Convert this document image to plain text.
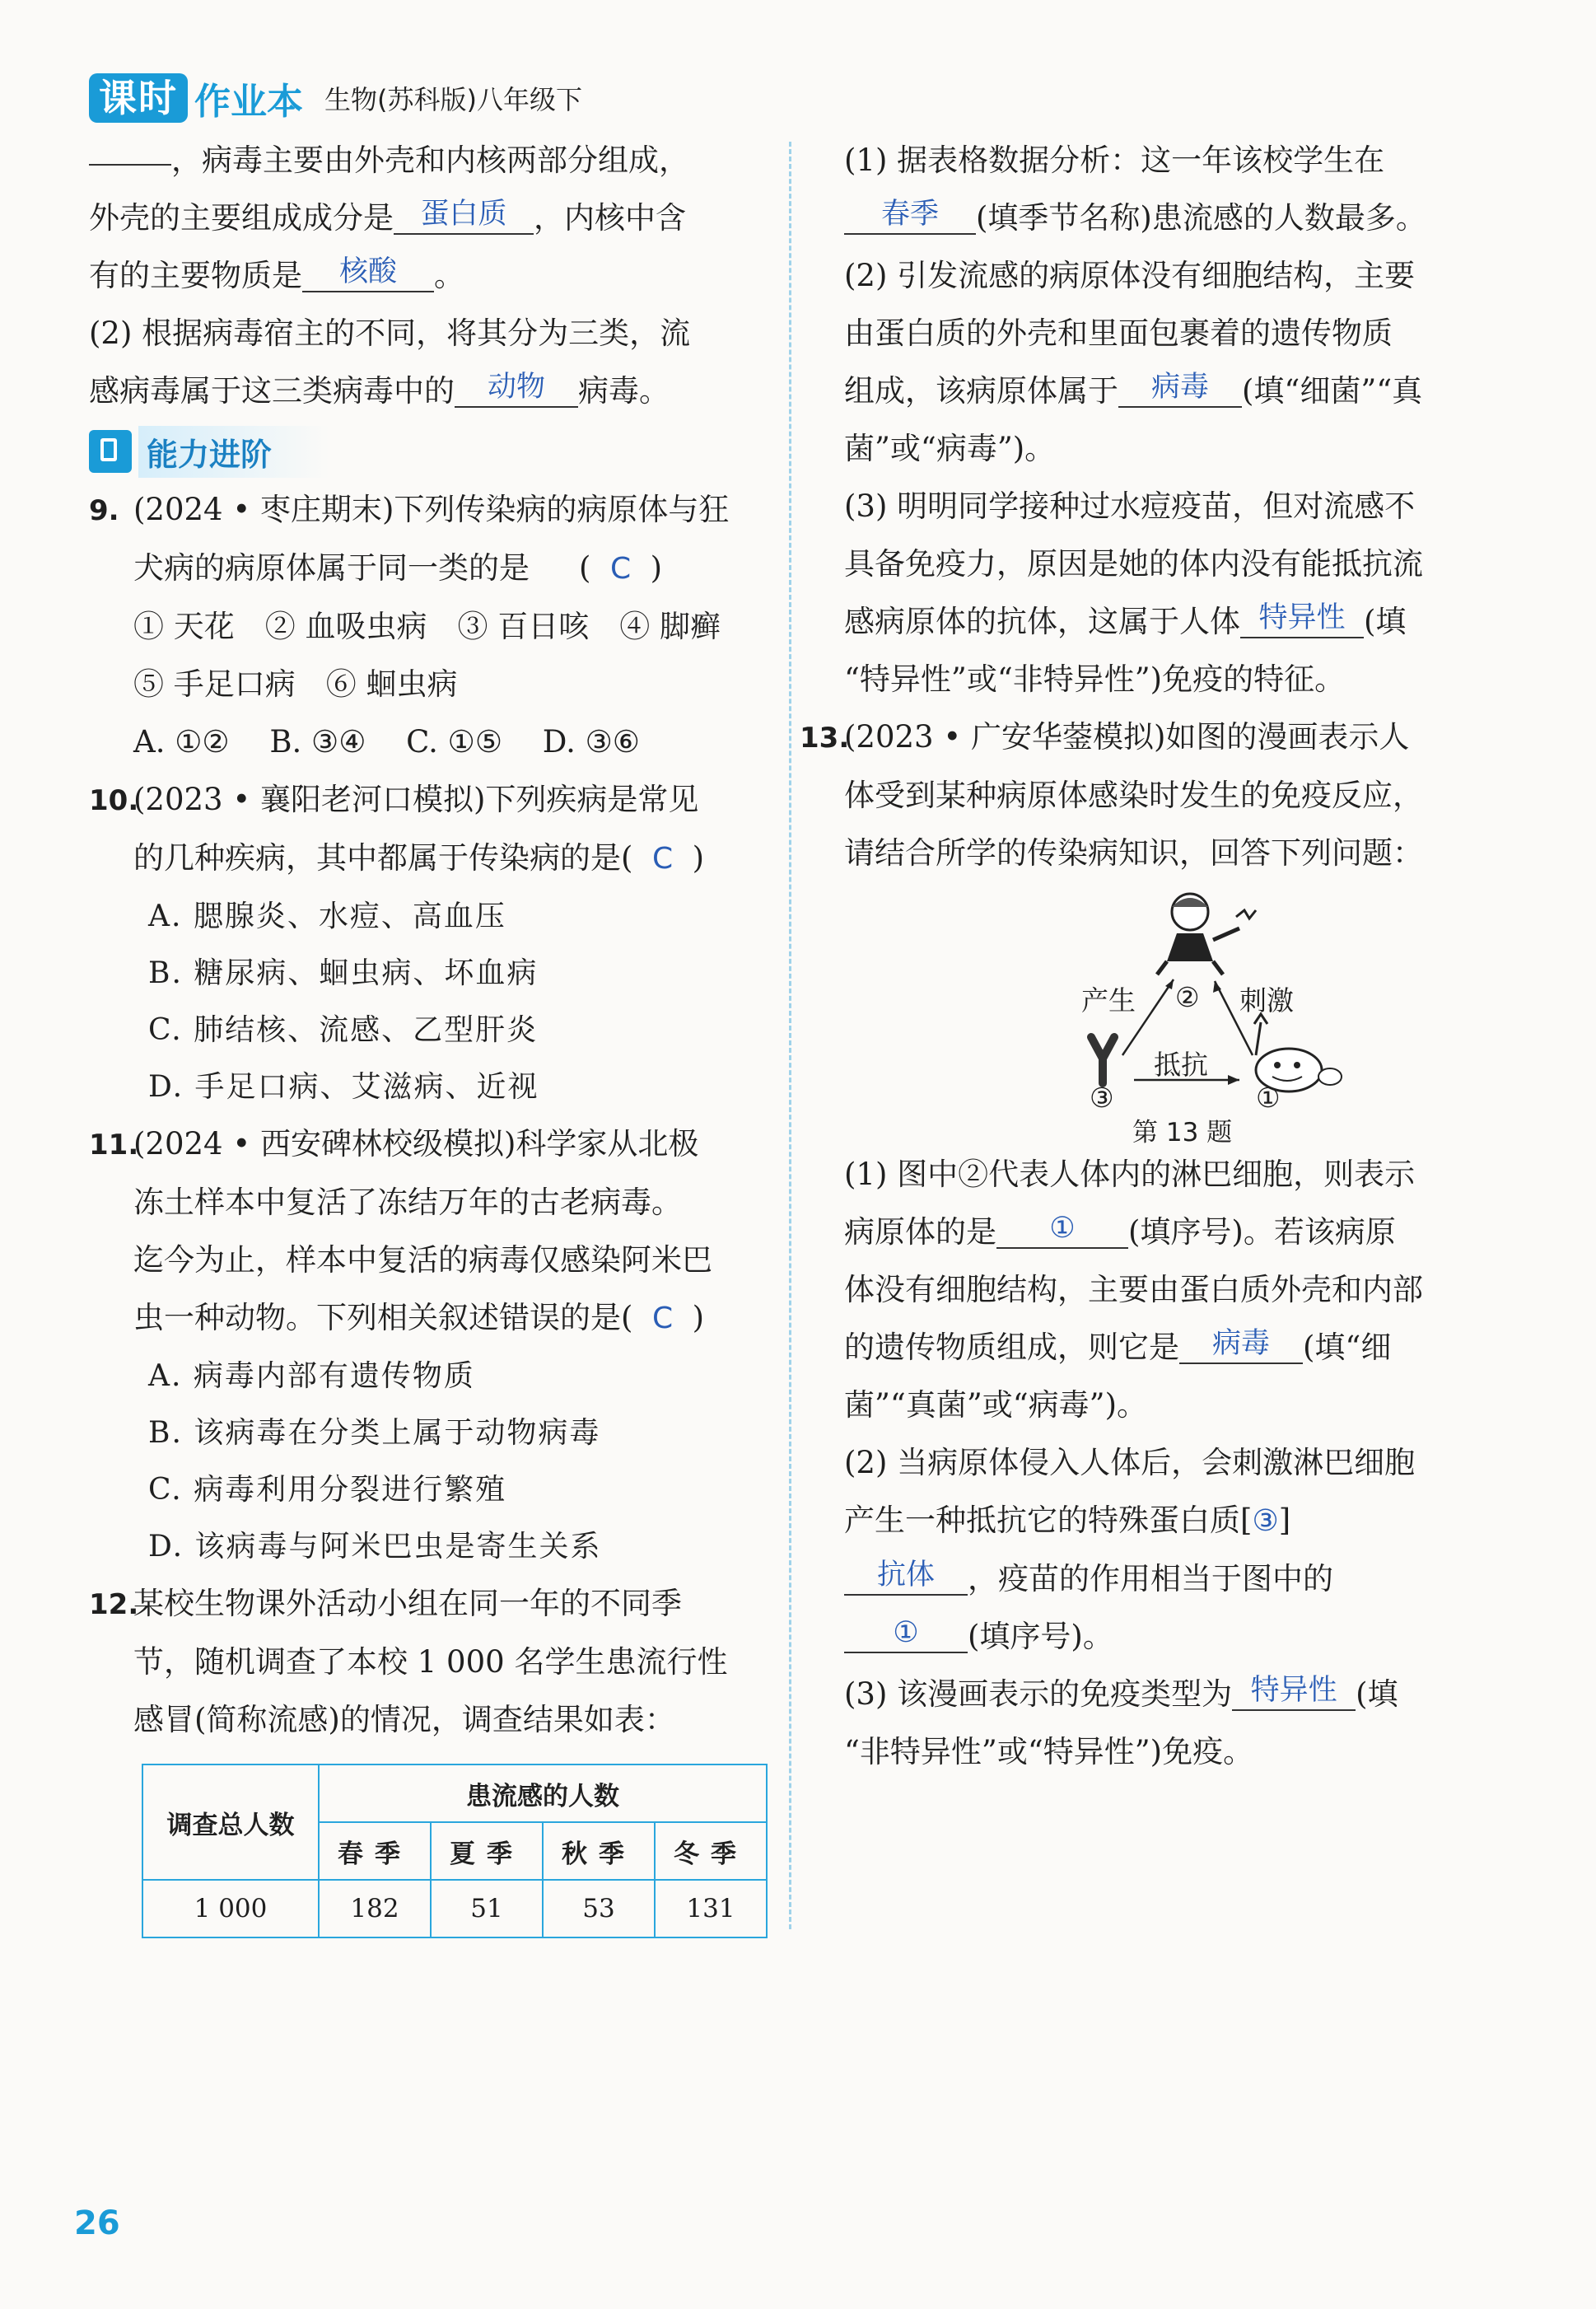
课时 作业本 生物(苏科版)八年级下
，病毒主要由外壳和内核两部分组成，
外壳的主要组成成分是 蛋白质 ，内核中含
有的主要物质是 核酸 。
(2) 根据病毒宿主的不同，将其分为三类，流
感病毒属于这三类病毒中的 动物 病毒。
能力进阶
9. (2024 • 枣庄期末)下列传染病的病原体与狂
犬病的病原体属于同一类的是 (  C  )
① 天花　② 血吸虫病　③ 百日咳　④ 脚癣
⑤ 手足口病　⑥ 蛔虫病
A. ①②　 B. ③④　 C. ①⑤　 D. ③⑥
10.(2023 • 襄阳老河口模拟)下列疾病是常见
的几种疾病，其中都属于传染病的是(  C  )
A. 腮腺炎、水痘、高血压
B. 糖尿病、蛔虫病、坏血病
C. 肺结核、流感、乙型肝炎
D. 手足口病、艾滋病、近视
11.(2024 • 西安碑林校级模拟)科学家从北极
冻土样本中复活了冻结万年的古老病毒。
迄今为止，样本中复活的病毒仅感染阿米巴
虫一种动物。下列相关叙述错误的是(  C  )
A. 病毒内部有遗传物质
B. 该病毒在分类上属于动物病毒
C. 病毒利用分裂进行繁殖
D. 该病毒与阿米巴虫是寄生关系
12.某校生物课外活动小组在同一年的不同季
节，随机调查了本校 1 000 名学生患流行性
感冒(简称流感)的情况，调查结果如表：
调查总人数	患流感的人数			
	春季	夏季	秋季	冬季
1 000	182	51	53	131
(1) 据表格数据分析：这一年该校学生在
春季 (填季节名称)患流感的人数最多。
(2) 引发流感的病原体没有细胞结构，主要
由蛋白质的外壳和里面包裹着的遗传物质
组成，该病原体属于 病毒 (填“细菌”“真
菌”或“病毒”)。
(3) 明明同学接种过水痘疫苗，但对流感不
具备免疫力，原因是她的体内没有能抵抗流
感病原体的抗体，这属于人体 特异性 (填
“特异性”或“非特异性”)免疫的特征。
13.(2023 • 广安华蓥模拟)如图的漫画表示人
体受到某种病原体感染时发生的免疫反应，
请结合所学的传染病知识，回答下列问题：
产生	刺激
抵抗
②
③	①
第 13 题
(1) 图中②代表人体内的淋巴细胞，则表示
病原体的是 ① (填序号)。若该病原
体没有细胞结构，主要由蛋白质外壳和内部
的遗传物质组成，则它是 病毒 (填“细
菌”“真菌”或“病毒”)。
(2) 当病原体侵入人体后，会刺激淋巴细胞
产生一种抵抗它的特殊蛋白质[③]
抗体 ，疫苗的作用相当于图中的
① (填序号)。
(3) 该漫画表示的免疫类型为 特异性 (填
“非特异性”或“特异性”)免疫。
26
